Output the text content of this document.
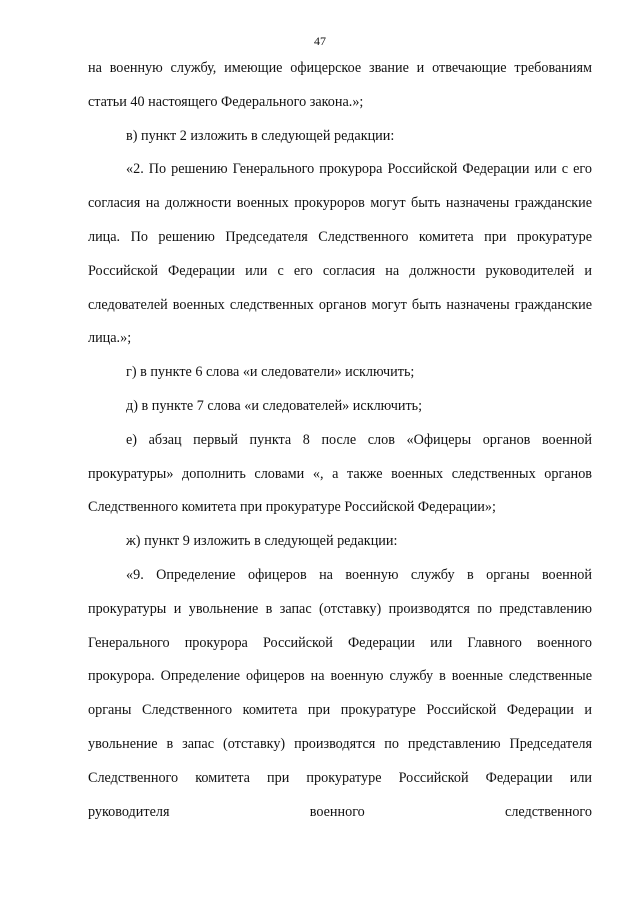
47

на военную службу, имеющие офицерское звание и отвечающие требованиям статьи 40 настоящего Федерального закона.»;

в) пункт 2 изложить в следующей редакции:

«2. По решению Генерального прокурора Российской Федерации или с его согласия на должности военных прокуроров могут быть назначены гражданские лица. По решению Председателя Следственного комитета при прокуратуре Российской Федерации или с его согласия на должности руководителей и следователей военных следственных органов могут быть назначены гражданские лица.»;

г) в пункте 6 слова «и следователи» исключить;

д) в пункте 7 слова «и следователей» исключить;

е) абзац первый пункта 8 после слов «Офицеры органов военной прокуратуры» дополнить словами «, а также военных следственных органов Следственного комитета при прокуратуре Российской Федерации»;

ж) пункт 9 изложить в следующей редакции:

«9. Определение офицеров на военную службу в органы военной прокуратуры и увольнение в запас (отставку) производятся по представлению Генерального прокурора Российской Федерации или Главного военного прокурора. Определение офицеров на военную службу в военные следственные органы Следственного комитета при прокуратуре Российской Федерации и увольнение в запас (отставку) производятся по представлению Председателя Следственного комитета при прокуратуре Российской Федерации или руководителя военного следственного
